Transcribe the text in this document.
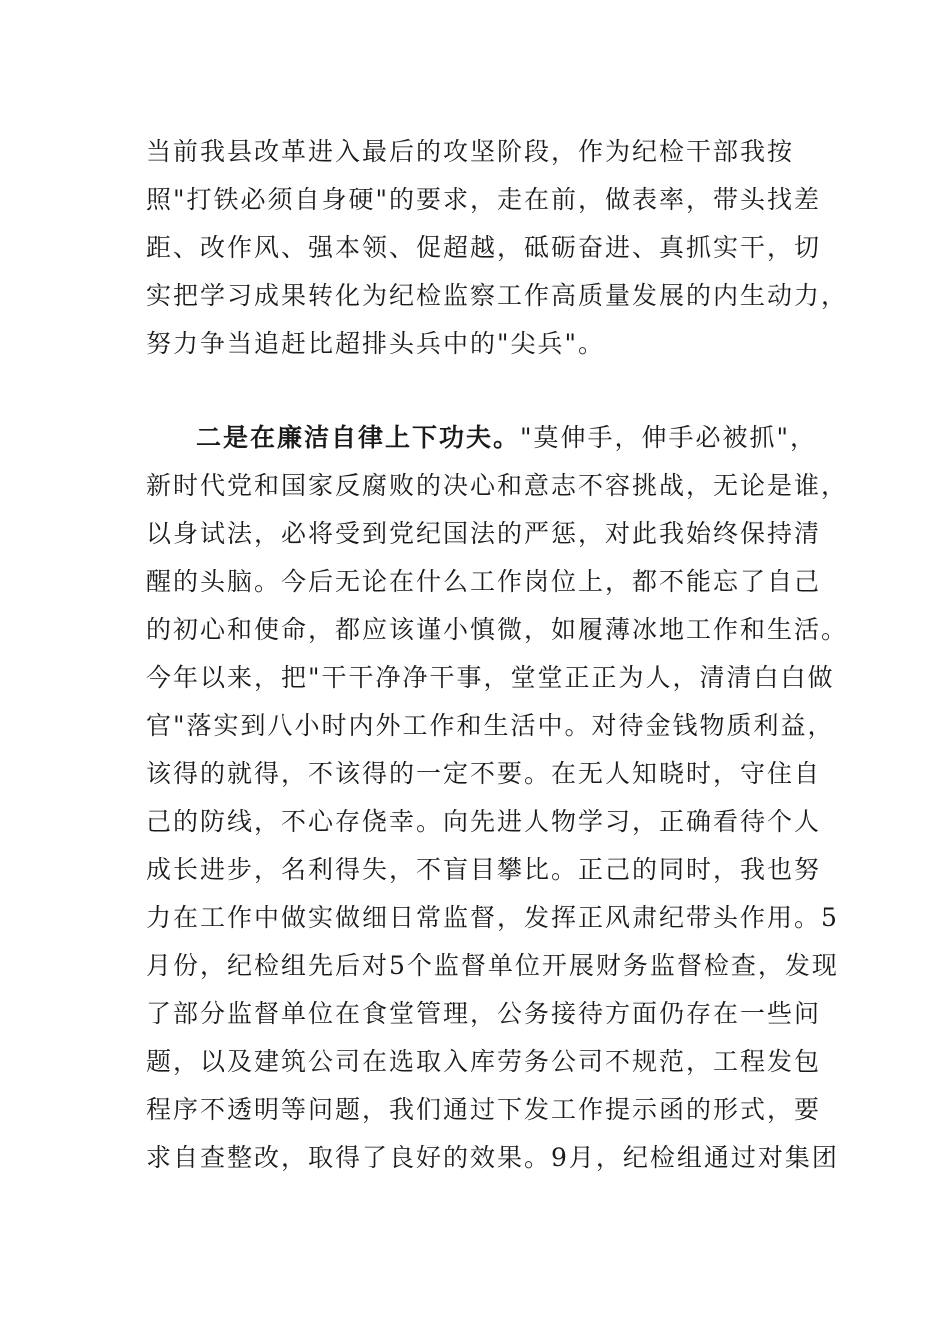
当前我县改革进入最后的攻坚阶段，作为纪检干部我按
照"打铁必须自身硬"的要求，走在前，做表率，带头找差
距、改作风、强本领、促超越，砥砺奋进、真抓实干，切
实把学习成果转化为纪检监察工作高质量发展的内生动力，
努力争当追赶比超排头兵中的"尖兵"。
二是在廉洁自律上下功夫。"莫伸手，伸手必被抓"，
新时代党和国家反腐败的决心和意志不容挑战，无论是谁，
以身试法，必将受到党纪国法的严惩，对此我始终保持清
醒的头脑。今后无论在什么工作岗位上，都不能忘了自己
的初心和使命，都应该谨小慎微，如履薄冰地工作和生活。
今年以来，把"干干净净干事，堂堂正正为人，清清白白做
官"落实到八小时内外工作和生活中。对待金钱物质利益，
该得的就得，不该得的一定不要。在无人知晓时，守住自
己的防线，不心存侥幸。向先进人物学习，正确看待个人
成长进步，名利得失，不盲目攀比。正己的同时，我也努
力在工作中做实做细日常监督，发挥正风肃纪带头作用。5
月份，纪检组先后对5个监督单位开展财务监督检查，发现
了部分监督单位在食堂管理，公务接待方面仍存在一些问
题，以及建筑公司在选取入库劳务公司不规范，工程发包
程序不透明等问题，我们通过下发工作提示函的形式，要
求自查整改，取得了良好的效果。9月，纪检组通过对集团
